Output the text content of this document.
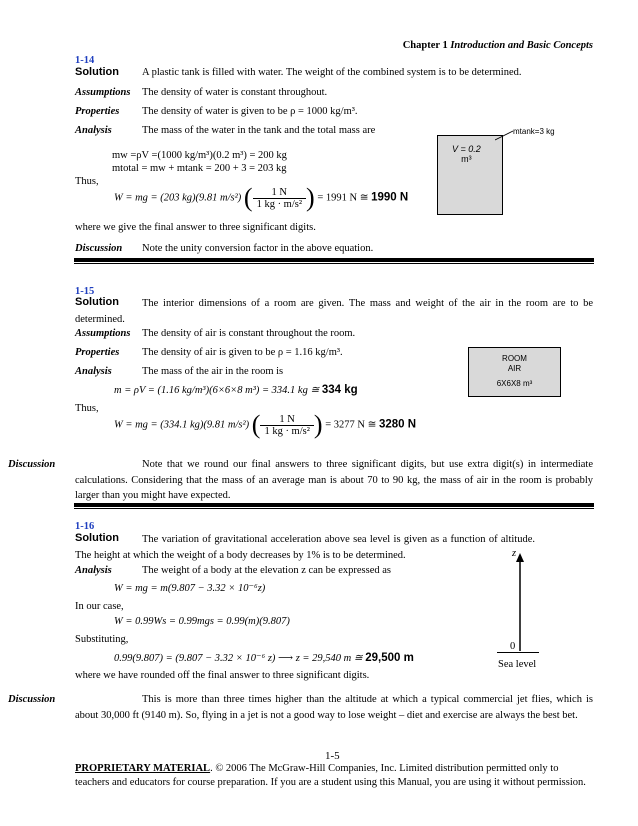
Chapter 1 Introduction and Basic Concepts
1-14
Solution A plastic tank is filled with water. The weight of the combined system is to be determined.
Assumptions The density of water is constant throughout.
Properties The density of water is given to be ρ = 1000 kg/m³.
Analysis	The mass of the water in the tank and the total mass are
mw =ρV =(1000 kg/m³)(0.2 m³) = 200 kg
mtotal = mw + mtank = 200 + 3 = 203 kg
Thus,
W = mg = (203 kg)(9.81 m/s²) ( $\frac{1 N}{\text{1 kg · m/s²}}$ ) = 1991 N ≅ 1990 N
where we give the final answer to three significant digits.
Discussion Note the unity conversion factor in the above equation.
V = 0.2
m³
mtank=3 kg
1-15
Solution	The interior dimensions of a room are given. The mass and weight of the air in the room are to be determined.
Assumptions The density of air is constant throughout the room.
Properties The density of air is given to be ρ = 1.16 kg/m³.
Analysis	The mass of the air in the room is
m = ρV = (1.16 kg/m³)(6×6×8 m³) = 334.1 kg ≅ 334 kg
Thus,
W = mg = (334.1 kg)(9.81 m/s²) ( $\frac{1 N}{\text{1 kg · m/s²}}$ ) = 3277 N ≅ 3280 N
Discussion	Note that we round our final answers to three significant digits, but use extra digit(s) in intermediate calculations. Considering that the mass of an average man is about 70 to 90 kg, the mass of air in the room is probably larger than you might have expected.
ROOM
AIR
6X6X8 m³
1-16
Solution	The variation of gravitational acceleration above sea level is given as a function of altitude. The height at which the weight of a body decreases by 1% is to be determined.
Analysis	The weight of a body at the elevation z can be expressed as
W = mg = m(9.807 − 3.32 × 10⁻⁶z)
In our case,
W = 0.99Ws = 0.99mgs = 0.99(m)(9.807)
Substituting,
0.99(9.807) = (9.807 − 3.32 × 10⁻⁶ z) ⟶ z = 29,540 m ≅ 29,500 m
where we have rounded off the final answer to three significant digits.
Discussion	This is more than three times higher than the altitude at which a typical commercial jet flies, which is about 30,000 ft (9140 m). So, flying in a jet is not a good way to lose weight – diet and exercise are always the best bet.
z
0
Sea level
1-5
PROPRIETARY MATERIAL. © 2006 The McGraw-Hill Companies, Inc. Limited distribution permitted only to
teachers and educators for course preparation. If you are a student using this Manual, you are using it without permission.
